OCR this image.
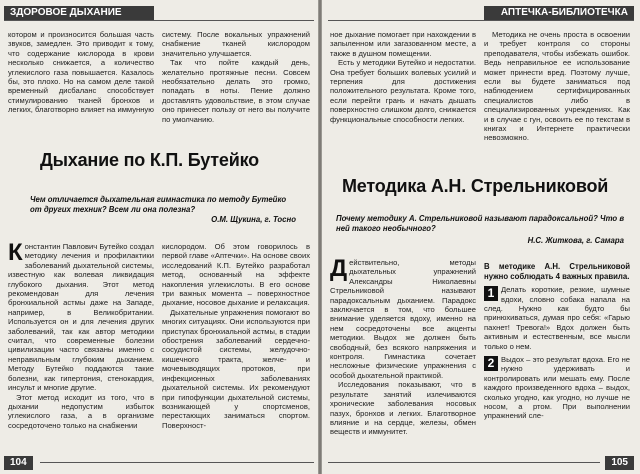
ЗДОРОВОЕ ДЫХАНИЕ

котором и произносится большая часть звуков, замедлен. Это приводит к тому, что содержание кислорода в крови несколько снижается, а количество углекислого газа повышается. Казалось бы, это плохо. Но на самом деле такой временный дисбаланс способствует стимулированию тканей бронхов и легких, благотворно влияет на иммунную

систему. После вокальных упражнений снабжение тканей кислородом значительно улучшается.

Так что пойте каждый день, желательно протяжные песни. Совсем необязательно делать это громко, попадать в ноты. Пение должно доставлять удовольствие, в этом случае оно принесет пользу от него вы получите по умолчанию.

Дыхание по К.П. Бутейко
Чем отличается дыхательная гимнастика по методу Бутейко от других техник? Всем ли она полезна?
О.М. Щукина, г. Тосно

Константин Павлович Бутейко создал методику лечения и профилактики заболеваний дыхательной системы, известную как волевая ликвидация глубокого дыхания. Этот метод рекомендован для лечения бронхиальной астмы даже на Западе, например, в Великобритании. Используется он и для лечения других заболеваний, так как автор методики считал, что современные болезни цивилизации часто связаны именно с неправильным глубоким дыханием. Методу Бутейко поддаются такие болезни, как гипертония, стенокардия, инсульт и многие другие.

Этот метод исходит из того, что в дыхании недопустим избыток углекислого газа, а в организме сосредоточено только на снабжении

кислородом. Об этом говорилось в первой главе «Аптечки». На основе своих исследований К.П. Бутейко разработал метод, основанный на эффекте накопления углекислоты. В его основе три важных момента – поверхностное дыхание, носовое дыхание и релаксация.

Дыхательные упражнения помогают во многих ситуациях. Они используются при приступах бронхиальной астмы, в стадии обострения заболеваний сердечно-сосудистой системы, желудочно-кишечного тракта, желче- и мочевыводящих протоков, при инфекционных заболеваниях дыхательной системы. Их рекомендуют при гипофункции дыхательной системы, возникающей у спортсменов, перестающих заниматься спортом. Поверхност-

104
АПТЕЧКА-БИБЛИОТЕЧКА

ное дыхание помогает при нахождении в запыленном или загазованном месте, а также в душном помещении.

Есть у методики Бутейко и недостатки. Она требует больших волевых усилий и терпения для достижения положительного результата. Кроме того, если перейти грань и начать дышать поверхностно слишком долго, снижается функциональные способности легких.

Методика не очень проста в освоении и требует контроля со стороны преподавателя, чтобы избежать ошибок. Ведь неправильное ее использование может принести вред. Поэтому лучше, если вы будете заниматься под наблюдением сертифицированных специалистов либо в специализированных учреждениях. Как и в случае с гун, освоить ее по текстам в книгах и Интернете практически невозможно.

Методика А.Н. Стрельниковой
Почему методику А. Стрельниковой называют парадоксальной? Что в ней такого необычного?
Н.С. Житкова, г. Самара

Действительно, методы дыхательных упражнений Александры Николаевны Стрельниковой называют парадоксальным дыханием. Парадокс заключается в том, что большее внимание уделяется вдоху, именно на нем сосредоточены все акценты методики. Выдох же должен быть свободный, без всякого напряжения и контроля. Гимнастика сочетает несложные физические упражнения с особой дыхательной практикой.

Исследования показывают, что в результате занятий излечиваются хронические заболевания носовых пазух, бронхов и легких. Благотворное влияние и на сердце, железы, обмен веществ и иммунитет.

В методике А.Н. Стрельниковой нужно соблюдать 4 важных правила.

1 Делать короткие, резкие, шумные вдохи, словно собака напала на след. Нужно как будто бы принюхиваться, думая про себя: «Гарью пахнет! Тревога!» Вдох должен быть активным и естественным, все мысли только о нем.

2 Выдох – это результат вдоха. Его не нужно удерживать и контролировать или мешать ему. После каждого произведенного вдоха – выдох, сколько угодно, как угодно, но лучше не носом, а ртом. При выполнении упражнений сле-

105
